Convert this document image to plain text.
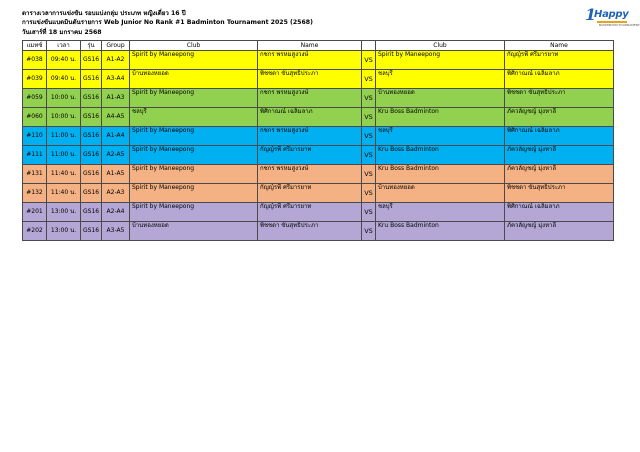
ตารางเวลาการแข่งขัน รอบแบ่งกลุ่ม ประเภท หญิงเดี่ยว 16 ปี
การแข่งขันแบดมินตันรายการ Web Junior No Rank #1 Badminton Tournament 2025 (2568)
วันเสาร์ที่ 18 มกราคม 2568
1
Happy
BADMINTON TOURNAMENT
แมทซ์	เวลา	รุ่น	Group	Club	Name		Club	Name
#038	09:40 น.	GS16	A1-A2	Spirit by Maneepong	กชกร พรหมสูงวงษ์	VS	Spirit by Maneepong	กัญญ์รพี ศรีมารยาท
#039	09:40 น.	GS16	A3-A4	บ้านทองหยอด	พิชชดา ขันสุทธิประภา	VS	ชลบุรี	พิศิกาณณ์ เฉลิมลาภ
#059	10:00 น.	GS16	A1-A3	Spirit by Maneepong	กชกร พรหมสูงวงษ์	VS	บ้านทองหยอด	พิชชดา ขันสุทธิประภา
#060	10:00 น.	GS16	A4-A5	ชลบุรี	พิศิกาณณ์ เฉลิมลาภ	VS	Kru Boss Badminton	ภัควลัญชญ์ มุ่งหาลี
#110	11:00 น.	GS16	A1-A4	Spirit by Maneepong	กชกร พรหมสูงวงษ์	VS	ชลบุรี	พิศิกาณณ์ เฉลิมลาภ
#111	11:00 น.	GS16	A2-A5	Spirit by Maneepong	กัญญ์รพี ศรีมารยาท	VS	Kru Boss Badminton	ภัควลัญชญ์ มุ่งหาลี
#131	11:40 น.	GS16	A1-A5	Spirit by Maneepong	กชกร พรหมสูงวงษ์	VS	Kru Boss Badminton	ภัควลัญชญ์ มุ่งหาลี
#132	11:40 น.	GS16	A2-A3	Spirit by Maneepong	กัญญ์รพี ศรีมารยาท	VS	บ้านทองหยอด	พิชชดา ขันสุทธิประภา
#201	13:00 น.	GS16	A2-A4	Spirit by Maneepong	กัญญ์รพี ศรีมารยาท	VS	ชลบุรี	พิศิกาณณ์ เฉลิมลาภ
#202	13:00 น.	GS16	A3-A5	บ้านทองหยอด	พิชชดา ขันสุทธิประภา	VS	Kru Boss Badminton	ภัควลัญชญ์ มุ่งหาลี
